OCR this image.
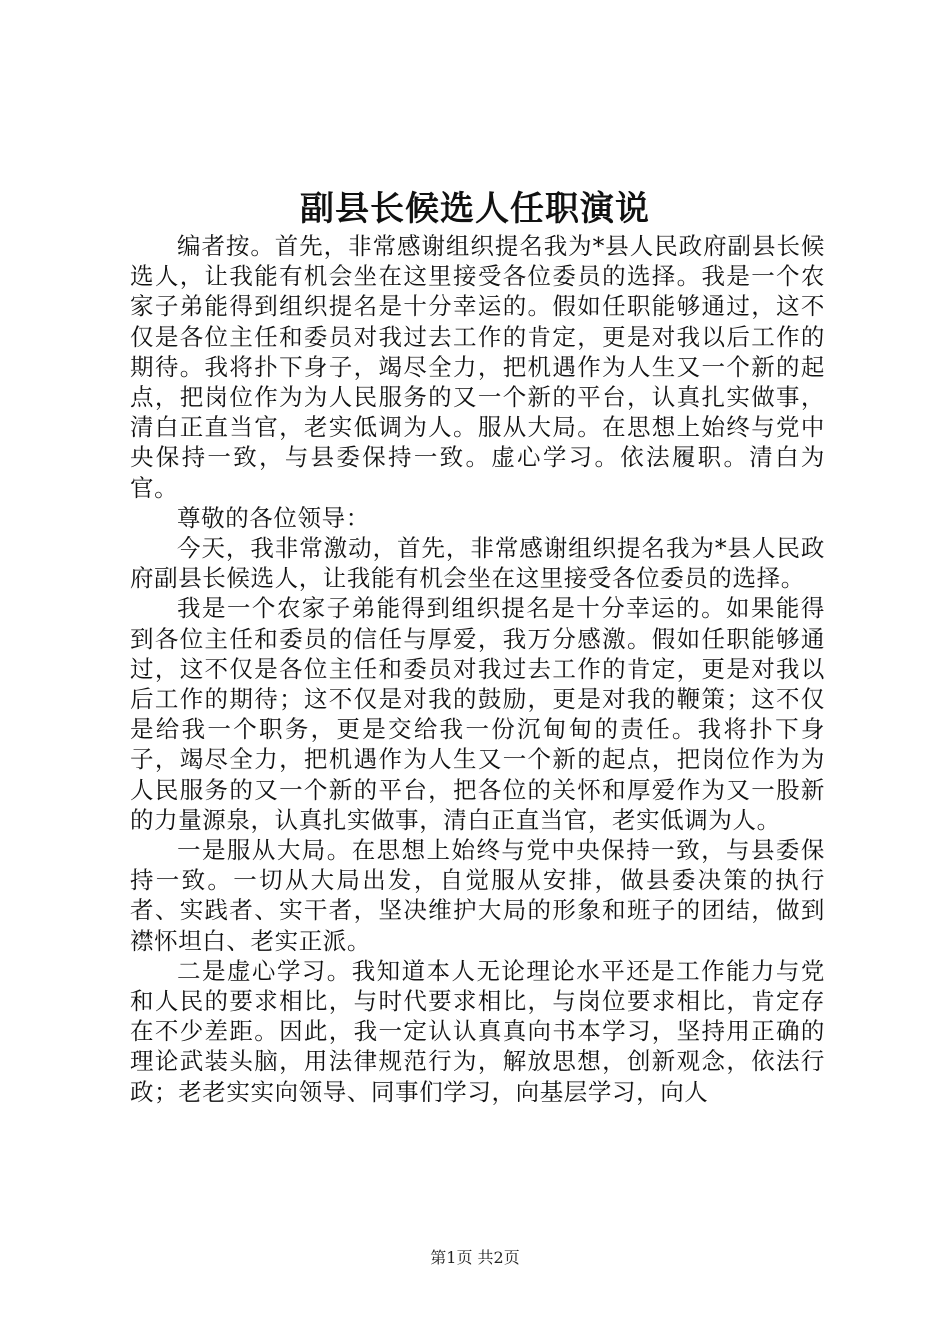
副县长候选人任职演说

编者按。首先，非常感谢组织提名我为*县人民政府副县长候选人，让我能有机会坐在这里接受各位委员的选择。我是一个农家子弟能得到组织提名是十分幸运的。假如任职能够通过，这不仅是各位主任和委员对我过去工作的肯定，更是对我以后工作的期待。我将扑下身子，竭尽全力，把机遇作为人生又一个新的起点，把岗位作为为人民服务的又一个新的平台，认真扎实做事，清白正直当官，老实低调为人。服从大局。在思想上始终与党中央保持一致，与县委保持一致。虚心学习。依法履职。清白为官。

尊敬的各位领导：

今天，我非常激动，首先，非常感谢组织提名我为*县人民政府副县长候选人，让我能有机会坐在这里接受各位委员的选择。

我是一个农家子弟能得到组织提名是十分幸运的。如果能得到各位主任和委员的信任与厚爱，我万分感激。假如任职能够通过，这不仅是各位主任和委员对我过去工作的肯定，更是对我以后工作的期待；这不仅是对我的鼓励，更是对我的鞭策；这不仅是给我一个职务，更是交给我一份沉甸甸的责任。我将扑下身子，竭尽全力，把机遇作为人生又一个新的起点，把岗位作为为人民服务的又一个新的平台，把各位的关怀和厚爱作为又一股新的力量源泉，认真扎实做事，清白正直当官，老实低调为人。

一是服从大局。在思想上始终与党中央保持一致，与县委保持一致。一切从大局出发，自觉服从安排，做县委决策的执行者、实践者、实干者，坚决维护大局的形象和班子的团结，做到襟怀坦白、老实正派。

二是虚心学习。我知道本人无论理论水平还是工作能力与党和人民的要求相比，与时代要求相比，与岗位要求相比，肯定存在不少差距。因此，我一定认认真真向书本学习，坚持用正确的理论武装头脑，用法律规范行为，解放思想，创新观念，依法行政；老老实实向领导、同事们学习，向基层学习，向人

第1页 共2页
